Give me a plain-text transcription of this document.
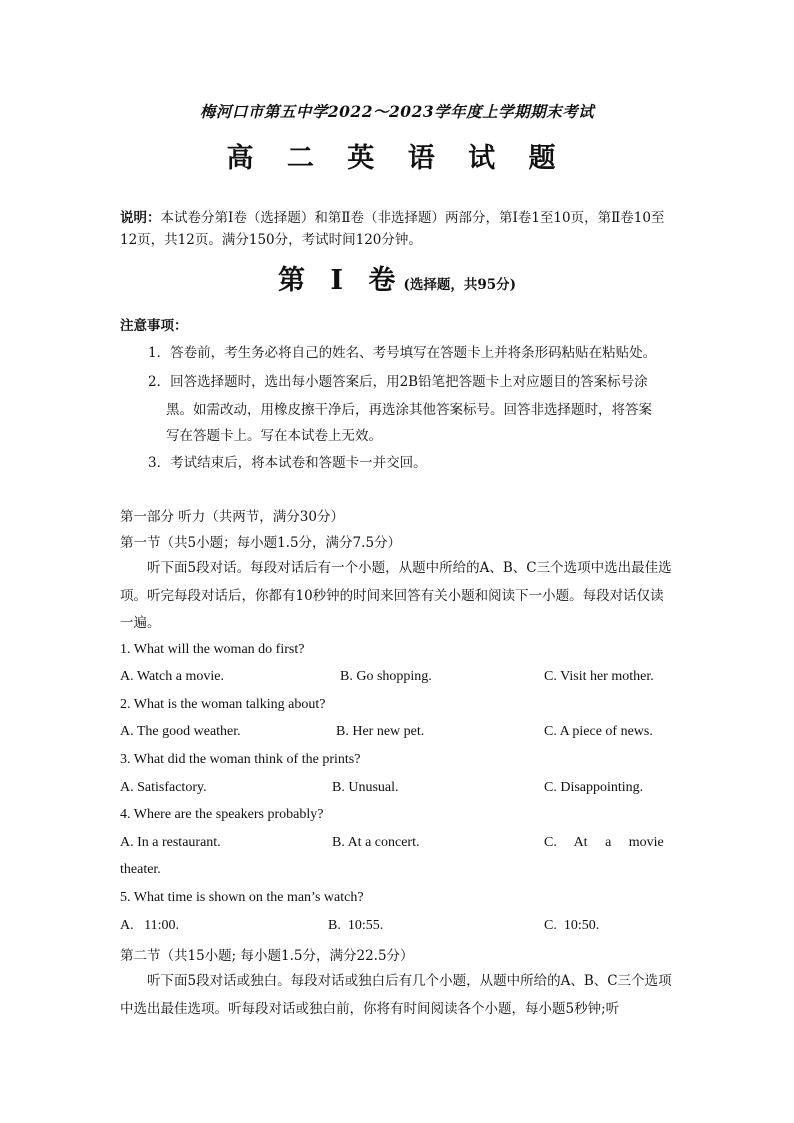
梅河口市第五中学2022～2023学年度上学期期末考试
高 二 英 语 试 题
说明：本试卷分第Ⅰ卷（选择题）和第Ⅱ卷（非选择题）两部分，第Ⅰ卷1至10页，第Ⅱ卷10至12页，共12页。满分150分，考试时间120分钟。
第 Ⅰ 卷(选择题，共95分)
注意事项：
1．答卷前，考生务必将自己的姓名、考号填写在答题卡上并将条形码粘贴在粘贴处。
2．回答选择题时，选出每小题答案后，用2B铅笔把答题卡上对应题目的答案标号涂
黑。如需改动，用橡皮擦干净后，再选涂其他答案标号。回答非选择题时，将答案
写在答题卡上。写在本试卷上无效。
3．考试结束后，将本试卷和答题卡一并交回。
第一部分 听力（共两节，满分30分）
第一节（共5小题；每小题1.5分，满分7.5分）
听下面5段对话。每段对话后有一个小题，从题中所给的A、B、C三个选项中选出最佳选项。听完每段对话后，你都有10秒钟的时间来回答有关小题和阅读下一小题。每段对话仅读一遍。
1. What will the woman do first?
A. Watch a movie.	B. Go shopping.	C. Visit her mother.
2. What is the woman talking about?
A. The good weather.	B. Her new pet.	C. A piece of news.
3. What did the woman think of the prints?
A. Satisfactory.	B. Unusual.	C. Disappointing.
4. Where are the speakers probably?
A. In a restaurant.	B. At a concert.	C.     At     a     movie
theater.
5. What time is shown on the man’s watch?
A.   11:00.	B.  10:55.	C.  10:50.
第二节（共15小题; 每小题1.5分，满分22.5分）
听下面5段对话或独白。每段对话或独白后有几个小题，从题中所给的A、B、C三个选项中选出最佳选项。听每段对话或独白前，你将有时间阅读各个小题，每小题5秒钟;听
